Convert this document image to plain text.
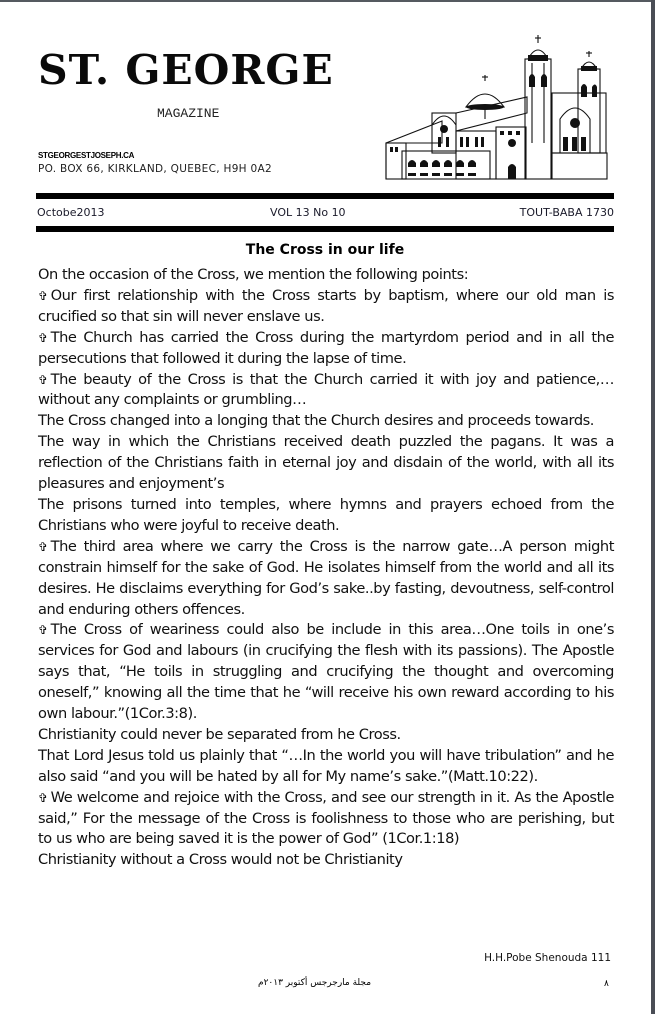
ST. GEORGE
MAGAZINE
STGEORGESTJOSEPH.CA
PO. BOX 66, KIRKLAND, QUEBEC, H9H 0A2
Octobe2013	VOL 13 No 10	TOUT-BABA 1730
The Cross in our life

On the occasion of the Cross, we mention the following points:

✞ Our first relationship with the Cross starts by baptism, where our old man is crucified so that sin will never enslave us.

✞ The Church has carried the Cross during the martyrdom period and in all the persecutions that followed it during the lapse of time.

✞ The beauty of the Cross is that the Church carried it with joy and patience,…without any complaints or grumbling…

The Cross changed into a longing that the Church desires and proceeds towards.

The way in which the Christians received death puzzled the pagans. It was a reflection of the Christians faith in eternal joy and disdain of the world, with all its pleasures and enjoyment’s

The prisons turned into temples, where hymns and prayers echoed from the Christians who were joyful to receive death.

✞ The third area where we carry the Cross is the narrow gate…A person might constrain himself for the sake of God. He isolates himself from the world and all its desires. He disclaims everything for God’s sake..by fasting, devoutness, self-control and enduring others offences.

✞ The Cross of weariness could also be include in this area…One toils in one’s services for God and labours (in crucifying the flesh with its passions). The Apostle says that, “He toils in struggling and crucifying the thought and overcoming oneself,” knowing all the time that he “will receive his own reward according to his own labour.”(1Cor.3:8).

Christianity could never be separated from he Cross.

That Lord Jesus told us plainly that “…In the world you will have tribulation” and he also said “and you will be hated by all for My name’s sake.”(Matt.10:22).

✞ We welcome and rejoice with the Cross, and see our strength in it. As the Apostle said,” For the message of the Cross is foolishness to those who are perishing, but to us who are being saved it is the power of God” (1Cor.1:18)

Christianity without a Cross would not be Christianity

H.H.Pobe Shenouda 111
مجلة مارجرجس أكتوبر ٢٠١٣م	٨
